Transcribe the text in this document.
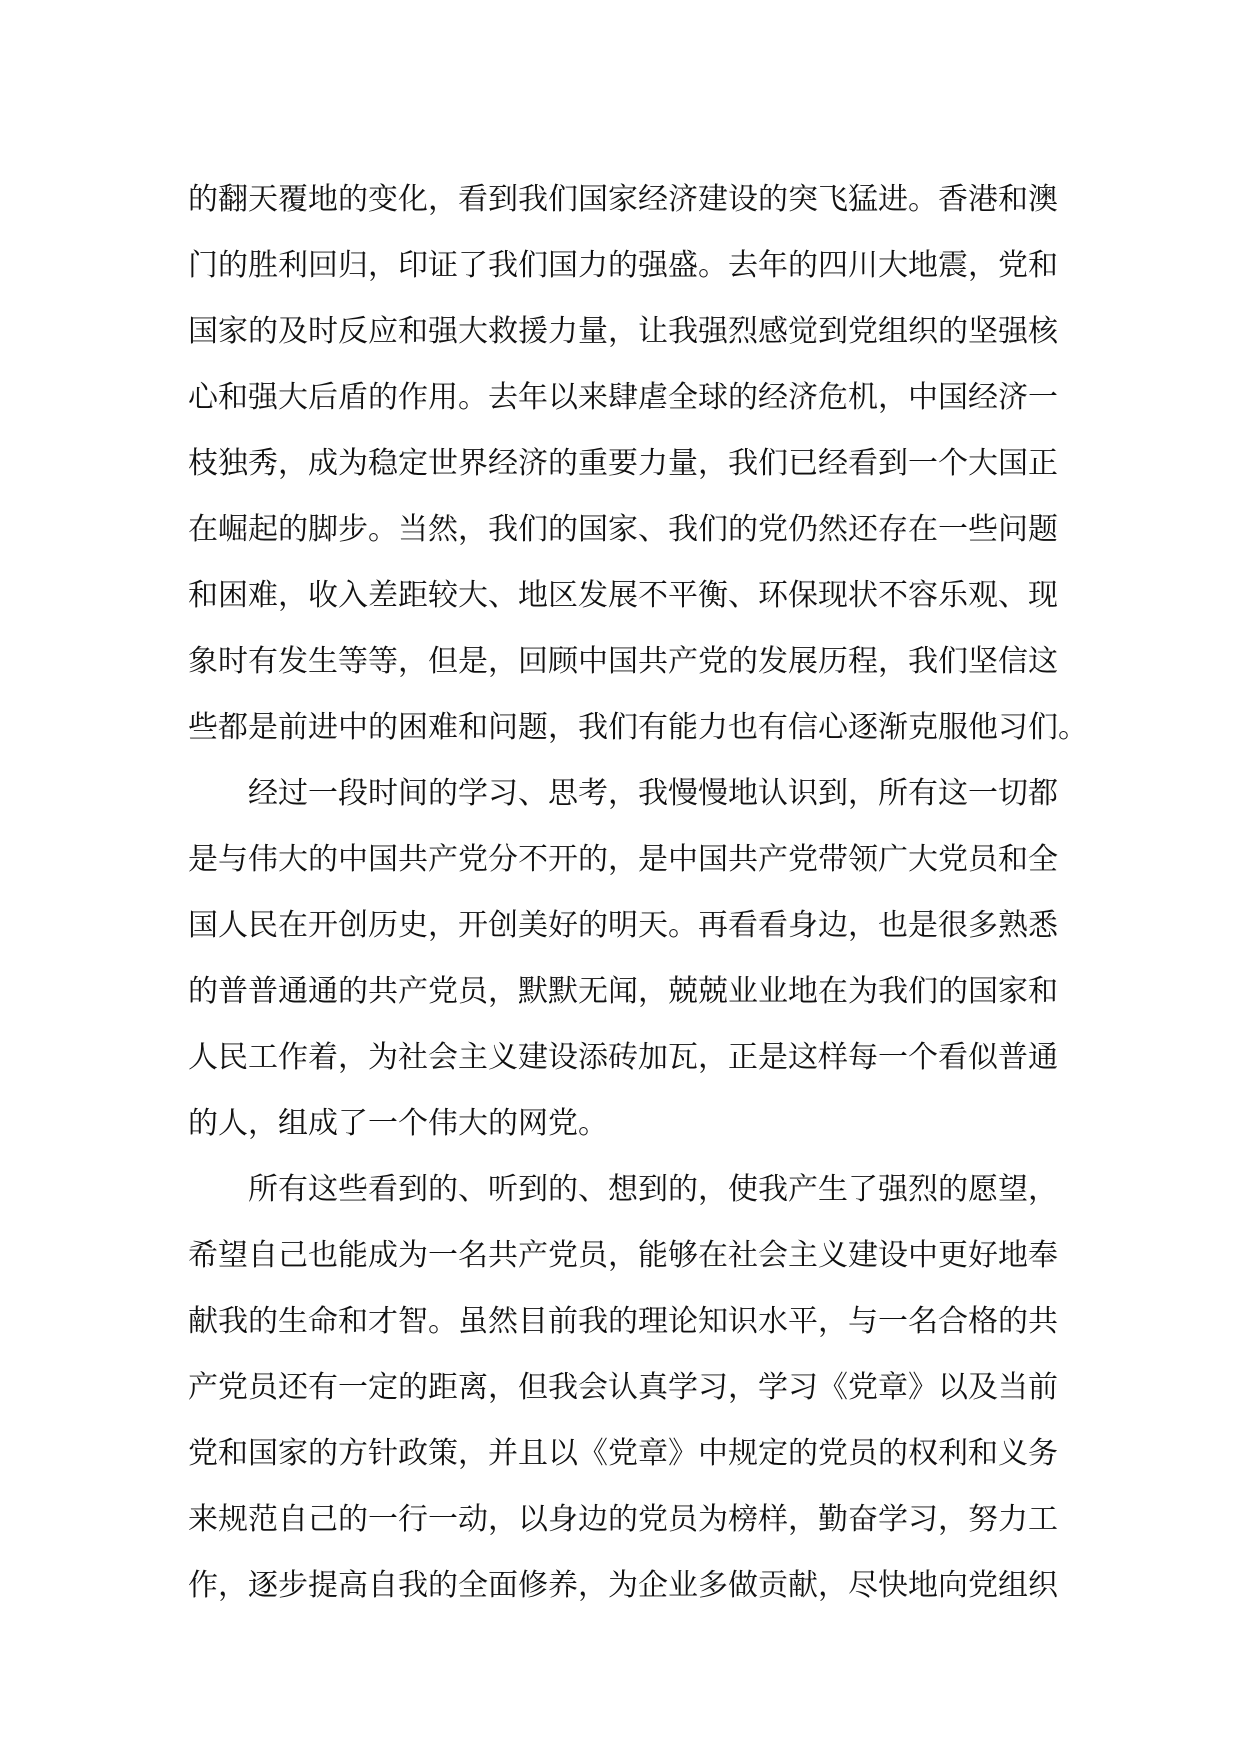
的翻天覆地的变化，看到我们国家经济建设的突飞猛进。香港和澳
门的胜利回归，印证了我们国力的强盛。去年的四川大地震，党和
国家的及时反应和强大救援力量，让我强烈感觉到党组织的坚强核
心和强大后盾的作用。去年以来肆虐全球的经济危机，中国经济一
枝独秀，成为稳定世界经济的重要力量，我们已经看到一个大国正
在崛起的脚步。当然，我们的国家、我们的党仍然还存在一些问题
和困难，收入差距较大、地区发展不平衡、环保现状不容乐观、现
象时有发生等等，但是，回顾中国共产党的发展历程，我们坚信这
些都是前进中的困难和问题，我们有能力也有信心逐渐克服他习们。
经过一段时间的学习、思考，我慢慢地认识到，所有这一切都
是与伟大的中国共产党分不开的，是中国共产党带领广大党员和全
国人民在开创历史，开创美好的明天。再看看身边，也是很多熟悉
的普普通通的共产党员，默默无闻，兢兢业业地在为我们的国家和
人民工作着，为社会主义建设添砖加瓦，正是这样每一个看似普通
的人，组成了一个伟大的网党。
所有这些看到的、听到的、想到的，使我产生了强烈的愿望，
希望自己也能成为一名共产党员，能够在社会主义建设中更好地奉
献我的生命和才智。虽然目前我的理论知识水平，与一名合格的共
产党员还有一定的距离，但我会认真学习，学习《党章》以及当前
党和国家的方针政策，并且以《党章》中规定的党员的权利和义务
来规范自己的一行一动，以身边的党员为榜样，勤奋学习，努力工
作，逐步提高自我的全面修养，为企业多做贡献，尽快地向党组织
